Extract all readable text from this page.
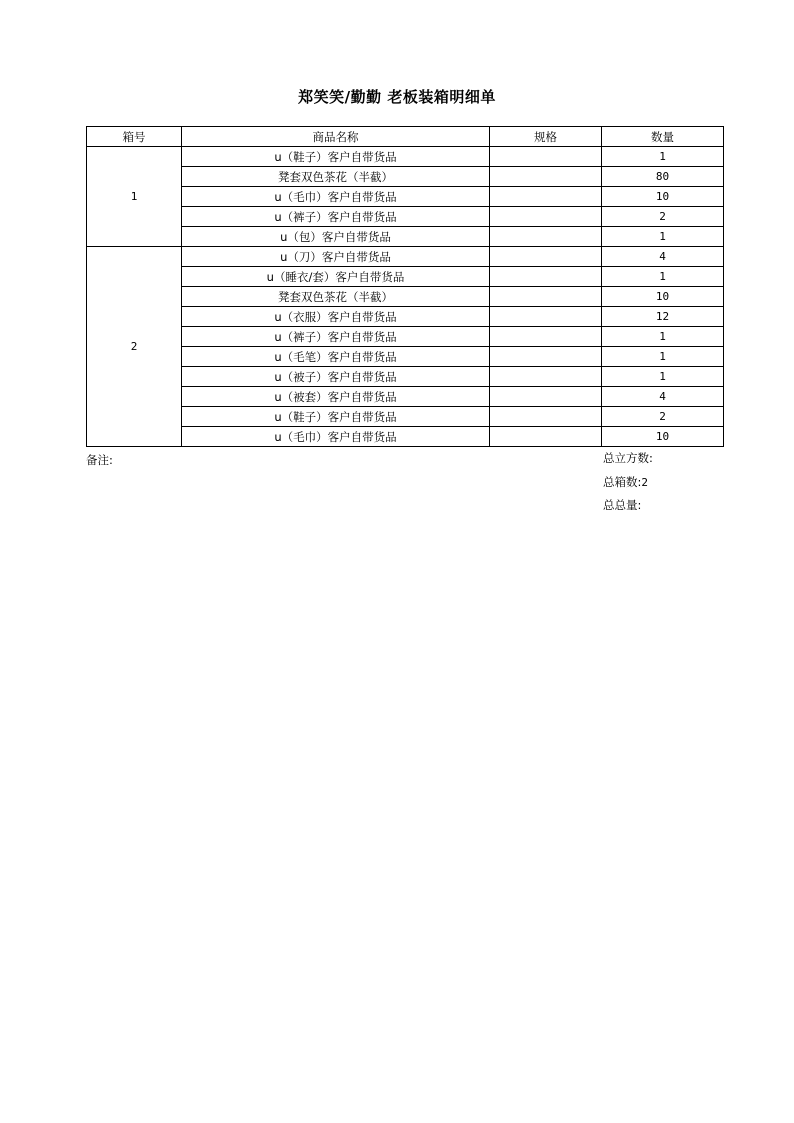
郑笑笑/勤勤 老板装箱明细单
箱号	商品名称	规格	数量
1	u（鞋子）客户自带货品		1
	凳套双色茶花（半截）		80
	u（毛巾）客户自带货品		10
	u（裤子）客户自带货品		2
	u（包）客户自带货品		1
2	u（刀）客户自带货品		4
	u（睡衣/套）客户自带货品		1
	凳套双色茶花（半截）		10
	u（衣服）客户自带货品		12
	u（裤子）客户自带货品		1
	u（毛笔）客户自带货品		1
	u（被子）客户自带货品		1
	u（被套）客户自带货品		4
	u（鞋子）客户自带货品		2
	u（毛巾）客户自带货品		10
备注:	总立方数:
总箱数:2
总总量:
